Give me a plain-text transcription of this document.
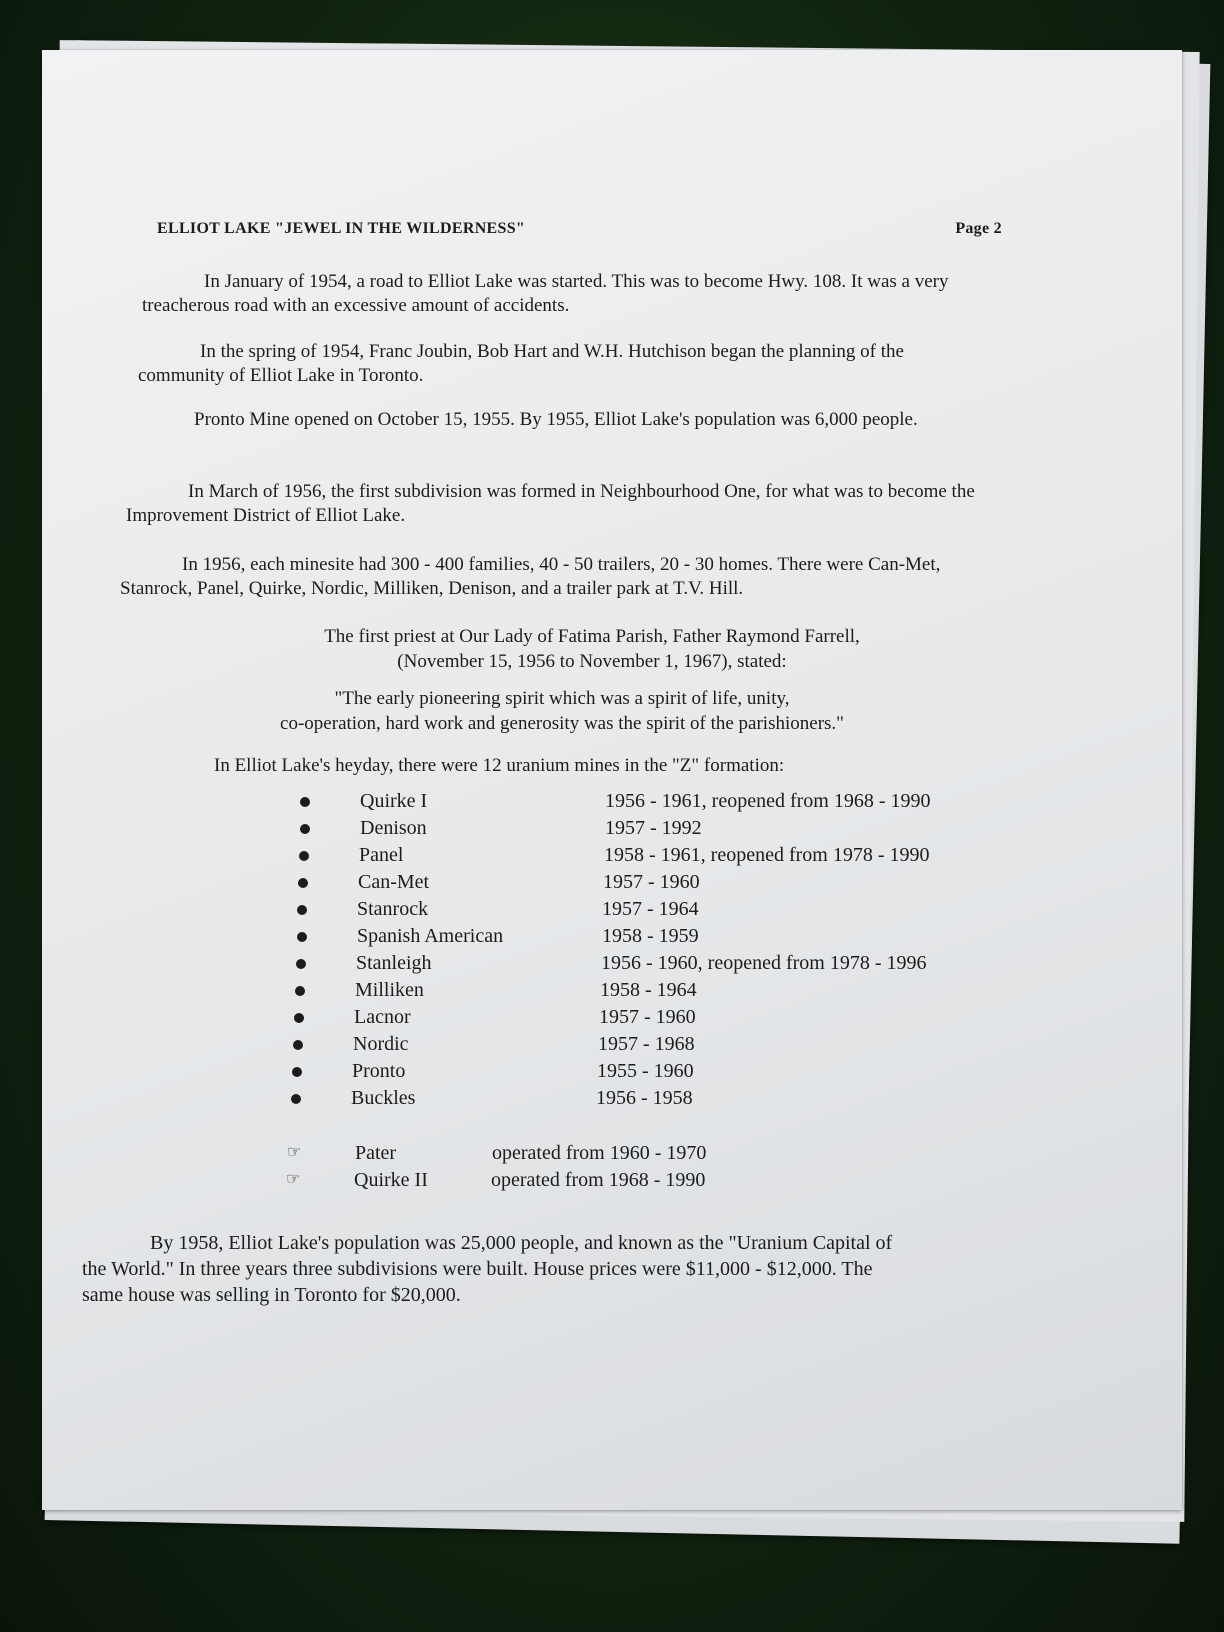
ELLIOT LAKE "JEWEL IN THE WILDERNESS"	Page 2

In January of 1954, a road to Elliot Lake was started. This was to become Hwy. 108. It was a very treacherous road with an excessive amount of accidents.

In the spring of 1954, Franc Joubin, Bob Hart and W.H. Hutchison began the planning of the community of Elliot Lake in Toronto.

Pronto Mine opened on October 15, 1955. By 1955, Elliot Lake's population was 6,000 people.

In March of 1956, the first subdivision was formed in Neighbourhood One, for what was to become the Improvement District of Elliot Lake.

In 1956, each minesite had 300 - 400 families, 40 - 50 trailers, 20 - 30 homes. There were Can-Met, Stanrock, Panel, Quirke, Nordic, Milliken, Denison, and a trailer park at T.V. Hill.

The first priest at Our Lady of Fatima Parish, Father Raymond Farrell,
(November 15, 1956 to November 1, 1967), stated:
"The early pioneering spirit which was a spirit of life, unity,
co-operation, hard work and generosity was the spirit of the parishioners."
In Elliot Lake's heyday, there were 12 uranium mines in the "Z" formation:
Quirke I	1956 - 1961, reopened from 1968 - 1990
Denison	1957 - 1992
Panel	1958 - 1961, reopened from 1978 - 1990
Can-Met	1957 - 1960
Stanrock	1957 - 1964
Spanish American	1958 - 1959
Stanleigh	1956 - 1960, reopened from 1978 - 1996
Milliken	1958 - 1964
Lacnor	1957 - 1960
Nordic	1957 - 1968
Pronto	1955 - 1960
Buckles	1956 - 1958
☞	Pater	operated from 1960 - 1970
☞	Quirke II	operated from 1968 - 1990

By 1958, Elliot Lake's population was 25,000 people, and known as the "Uranium Capital of the World." In three years three subdivisions were built. House prices were $11,000 - $12,000. The same house was selling in Toronto for $20,000.
